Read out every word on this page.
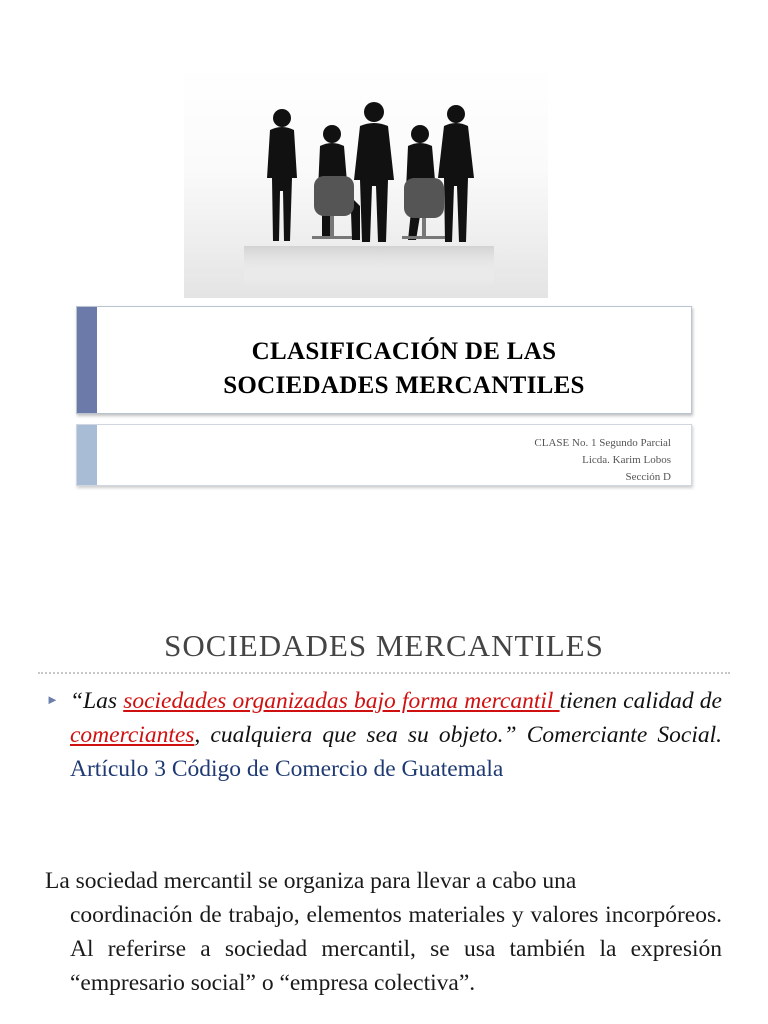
CLASIFICACIÓN DE LAS
SOCIEDADES MERCANTILES
CLASE No. 1 Segundo Parcial
Licda. Karim Lobos
Sección D
SOCIEDADES MERCANTILES
► “Las sociedades organizadas bajo forma mercantil tienen calidad de comerciantes, cualquiera que sea su objeto.” Comerciante Social. Artículo 3 Código de Comercio de Guatemala
La sociedad mercantil se organiza para llevar a cabo una
coordinación de trabajo, elementos materiales y valores incorpóreos. Al referirse a sociedad mercantil, se usa también la expresión “empresario social” o “empresa colectiva”.
